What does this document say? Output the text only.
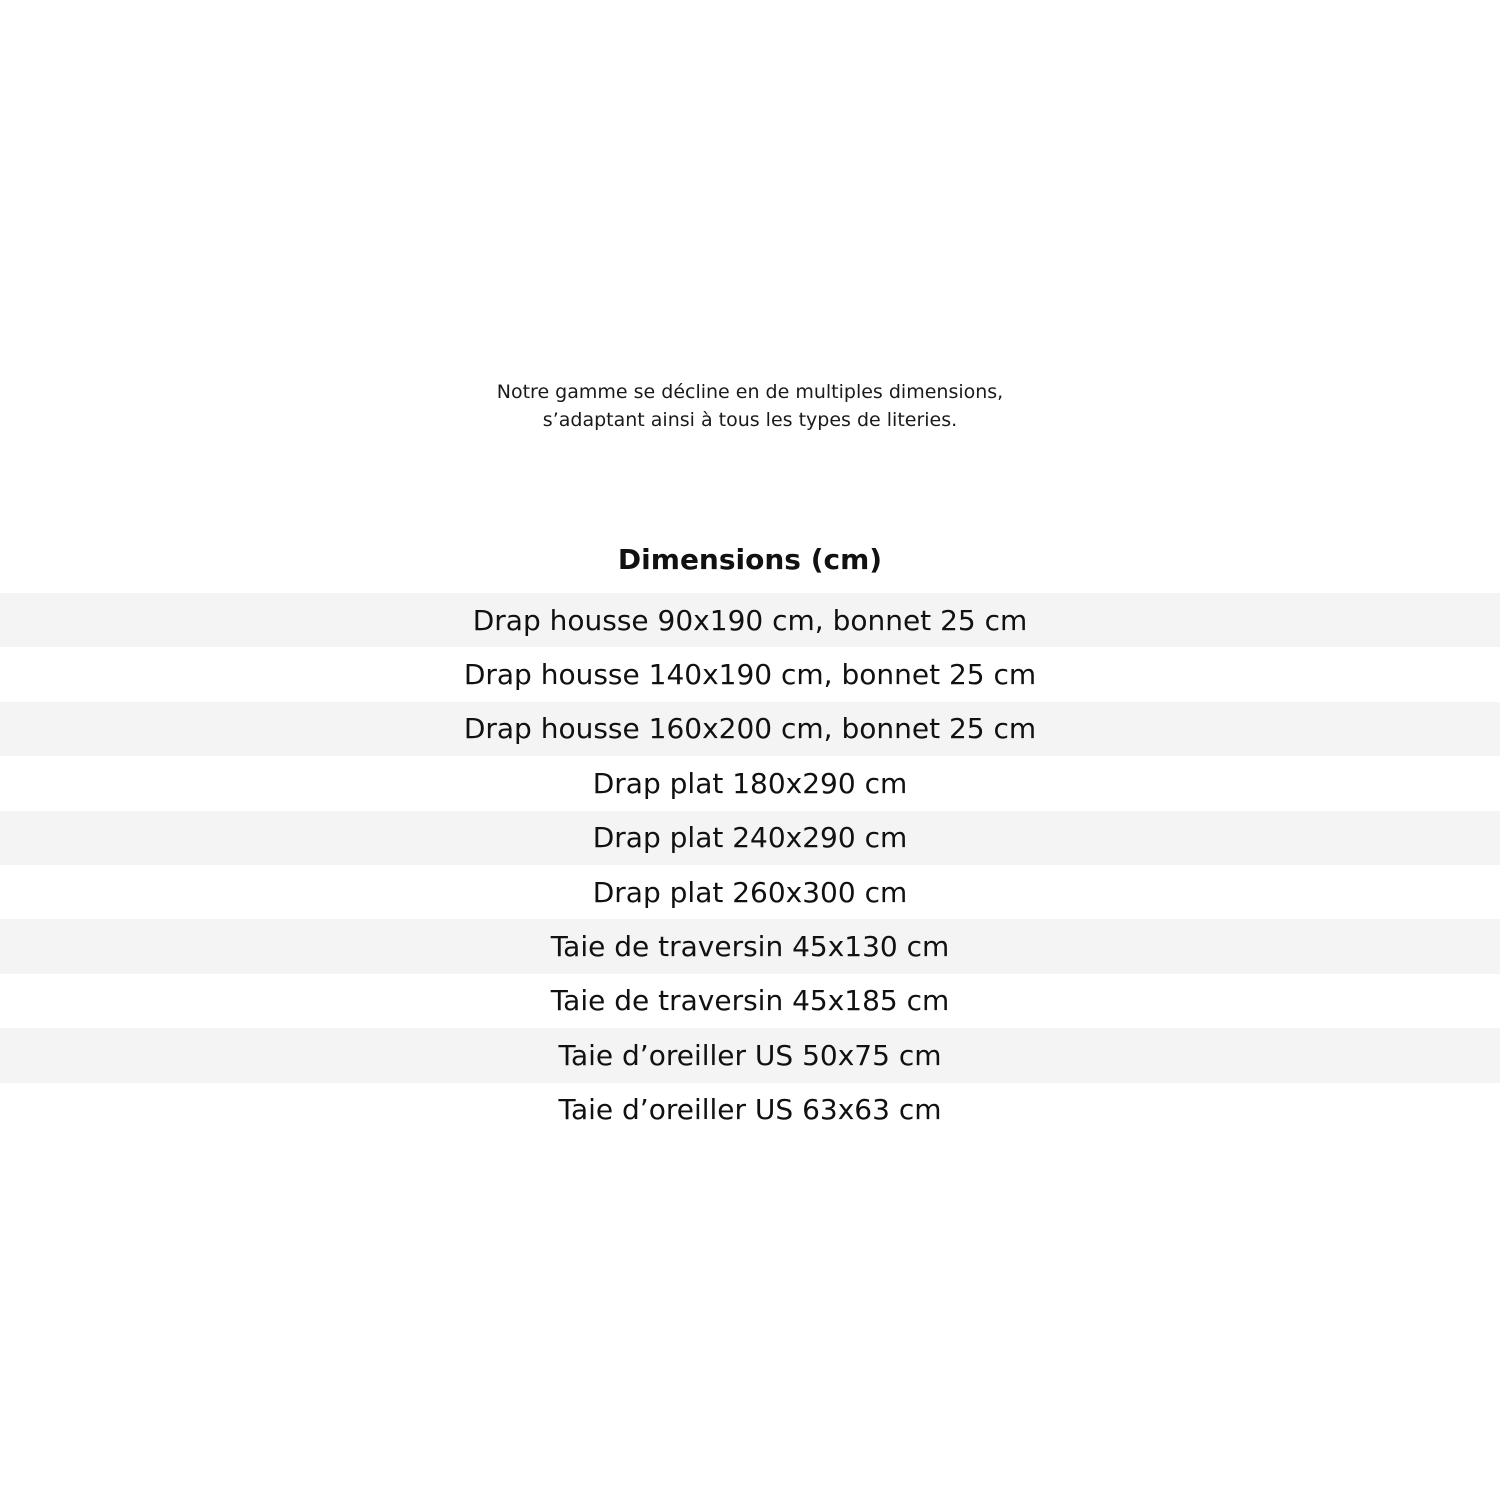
Notre gamme se décline en de multiples dimensions,
s’adaptant ainsi à tous les types de literies.
Dimensions (cm)
Drap housse 90x190 cm, bonnet 25 cm
Drap housse 140x190 cm, bonnet 25 cm
Drap housse 160x200 cm, bonnet 25 cm
Drap plat 180x290 cm
Drap plat 240x290 cm
Drap plat 260x300 cm
Taie de traversin 45x130 cm
Taie de traversin 45x185 cm
Taie d’oreiller US 50x75 cm
Taie d’oreiller US 63x63 cm
